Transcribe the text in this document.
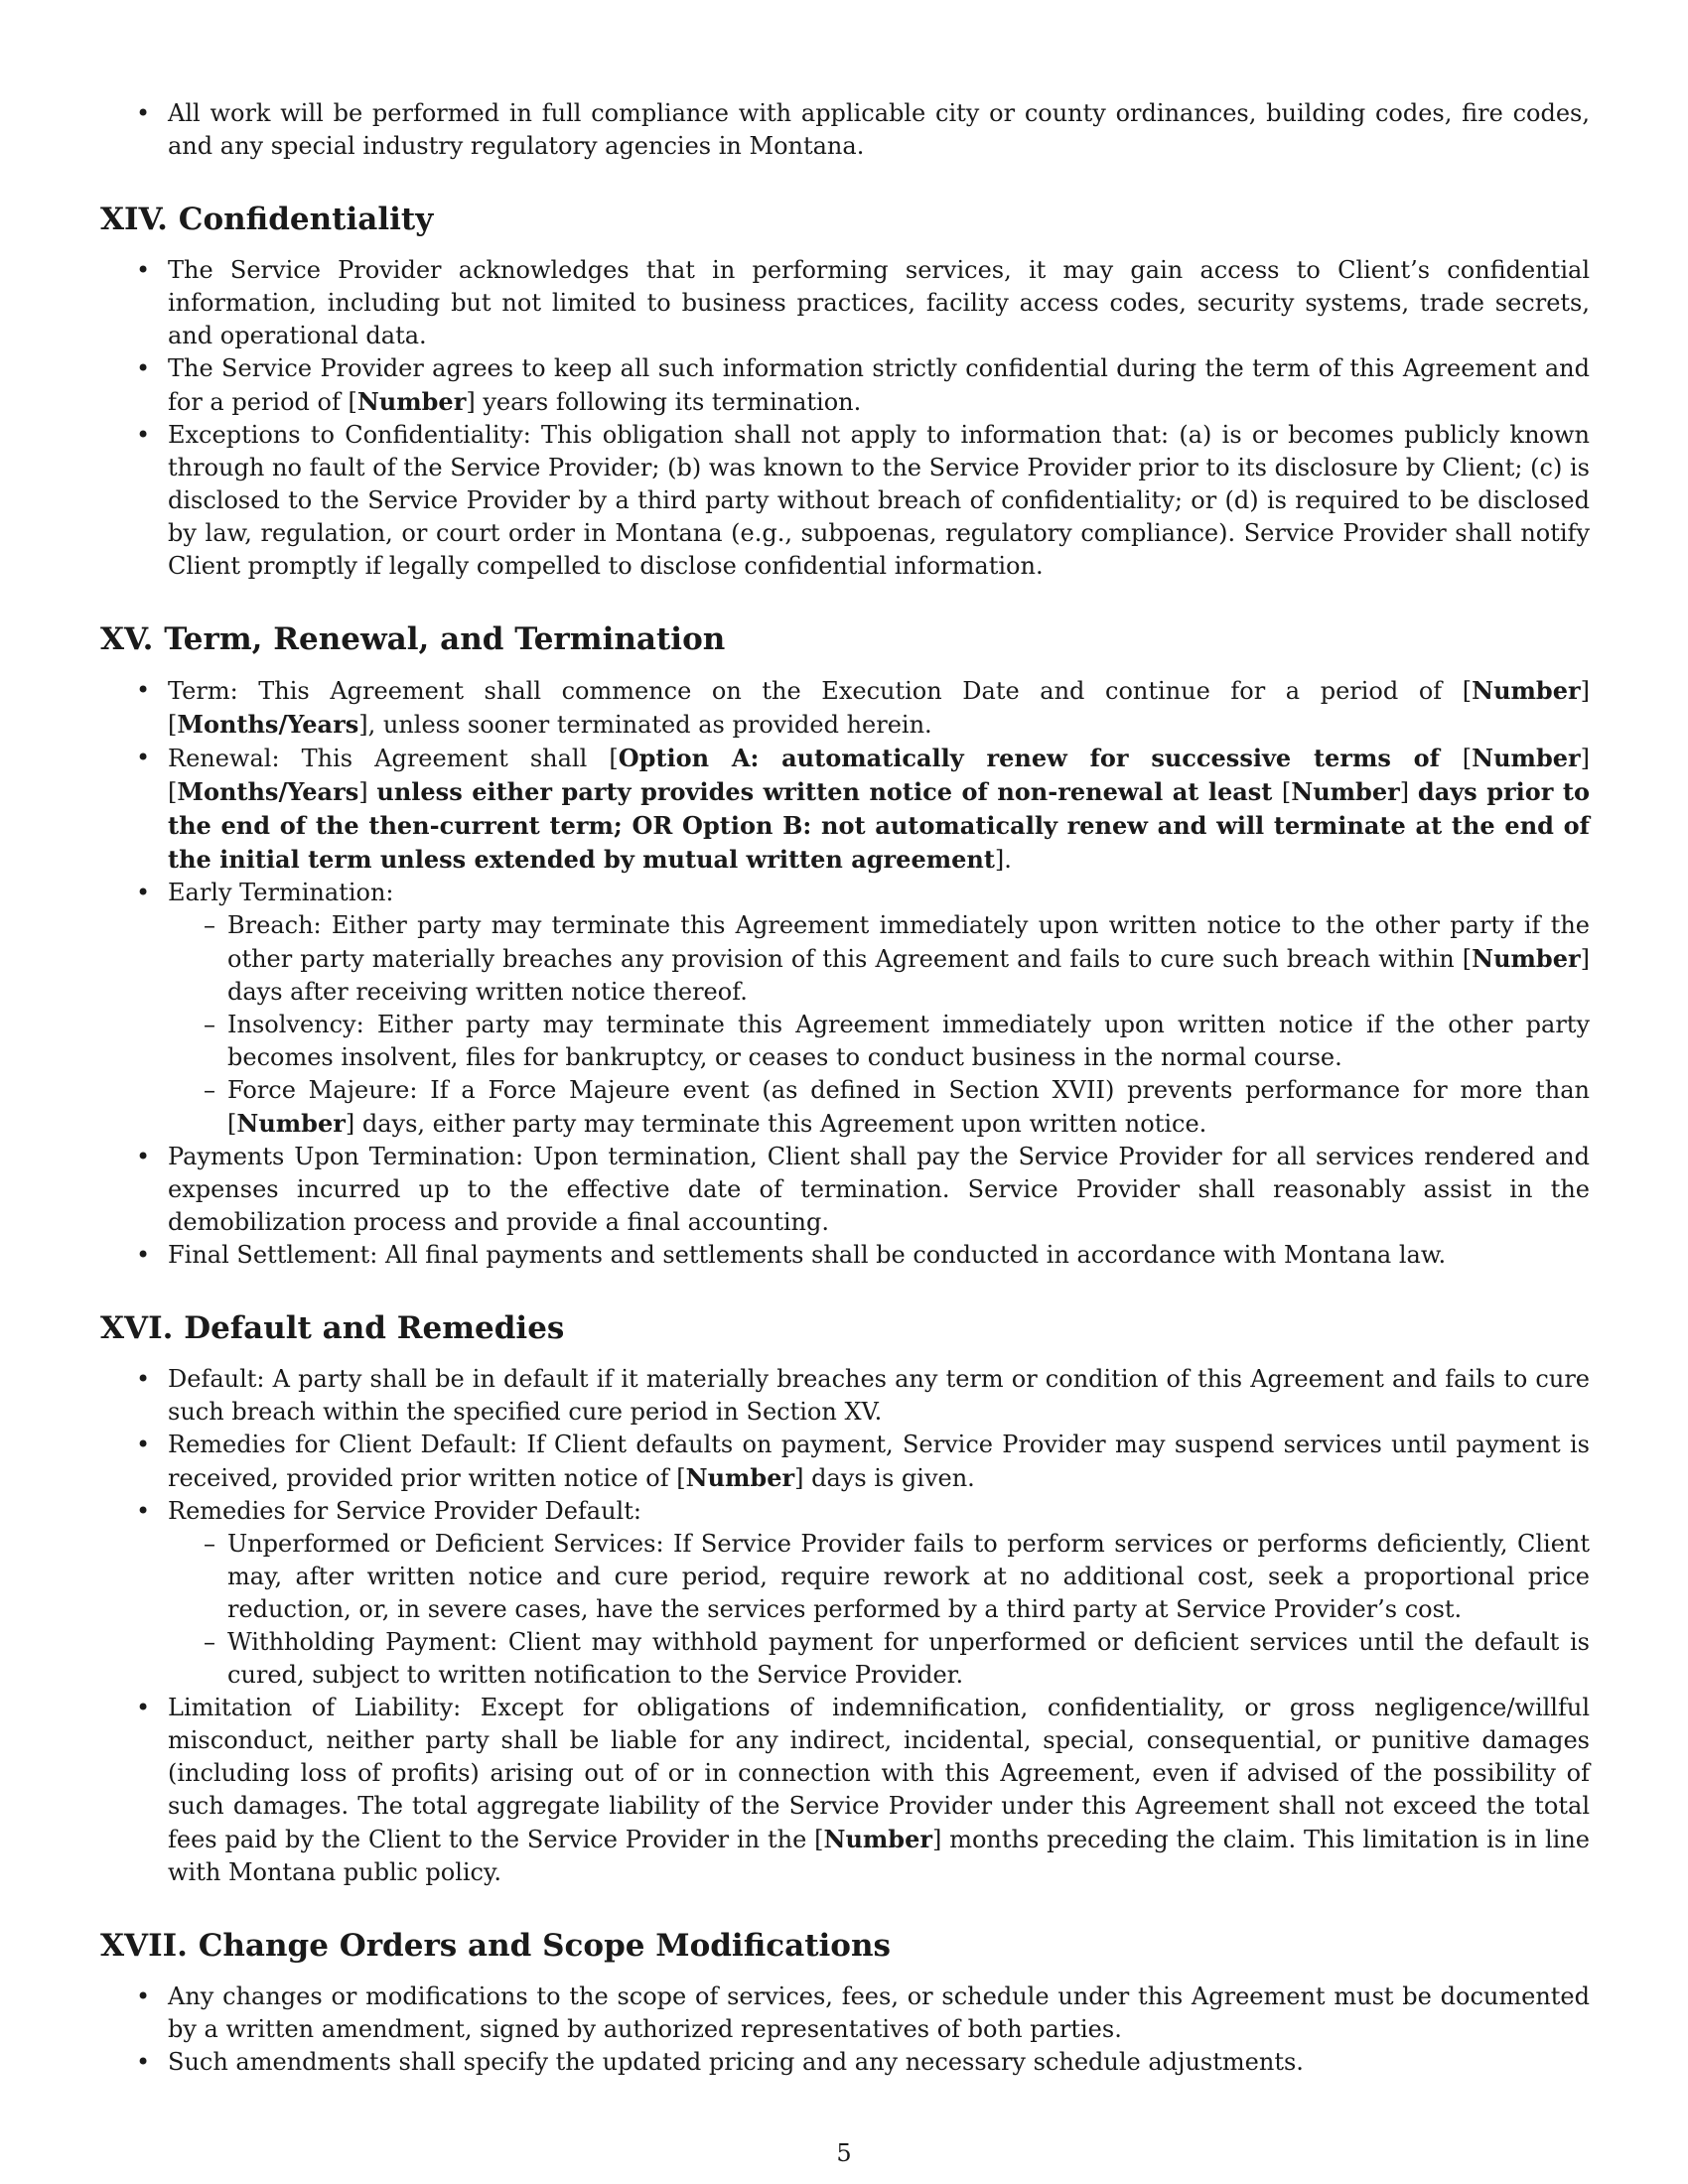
• All work will be performed in full compliance with applicable city or county ordinances, building codes, fire codes, and any special industry regulatory agencies in Montana.
XIV. Confidentiality
• The Service Provider acknowledges that in performing services, it may gain access to Client’s confidential information, including but not limited to business practices, facility access codes, security systems, trade secrets, and operational data.
• The Service Provider agrees to keep all such information strictly confidential during the term of this Agreement and for a period of [Number] years following its termination.
• Exceptions to Confidentiality: This obligation shall not apply to information that: (a) is or becomes publicly known through no fault of the Service Provider; (b) was known to the Service Provider prior to its disclosure by Client; (c) is disclosed to the Service Provider by a third party without breach of confidentiality; or (d) is required to be disclosed by law, regulation, or court order in Montana (e.g., subpoenas, regulatory compliance). Service Provider shall notify Client promptly if legally compelled to disclose confidential information.
XV. Term, Renewal, and Termination
• Term: This Agreement shall commence on the Execution Date and continue for a period of [Number] [Months/Years], unless sooner terminated as provided herein.
• Renewal: This Agreement shall [Option A: automatically renew for successive terms of [Number] [Months/Years] unless either party provides written notice of non-renewal at least [Number] days prior to the end of the then-current term; OR Option B: not automatically renew and will terminate at the end of the initial term unless extended by mutual written agreement].
• Early Termination:
– Breach: Either party may terminate this Agreement immediately upon written notice to the other party if the other party materially breaches any provision of this Agreement and fails to cure such breach within [Number] days after receiving written notice thereof.
– Insolvency: Either party may terminate this Agreement immediately upon written notice if the other party becomes insolvent, files for bankruptcy, or ceases to conduct business in the normal course.
– Force Majeure: If a Force Majeure event (as defined in Section XVII) prevents performance for more than [Number] days, either party may terminate this Agreement upon written notice.
• Payments Upon Termination: Upon termination, Client shall pay the Service Provider for all services rendered and expenses incurred up to the effective date of termination. Service Provider shall reasonably assist in the demobilization process and provide a final accounting.
• Final Settlement: All final payments and settlements shall be conducted in accordance with Montana law.
XVI. Default and Remedies
• Default: A party shall be in default if it materially breaches any term or condition of this Agreement and fails to cure such breach within the specified cure period in Section XV.
• Remedies for Client Default: If Client defaults on payment, Service Provider may suspend services until payment is received, provided prior written notice of [Number] days is given.
• Remedies for Service Provider Default:
– Unperformed or Deficient Services: If Service Provider fails to perform services or performs deficiently, Client may, after written notice and cure period, require rework at no additional cost, seek a proportional price reduction, or, in severe cases, have the services performed by a third party at Service Provider’s cost.
– Withholding Payment: Client may withhold payment for unperformed or deficient services until the default is cured, subject to written notification to the Service Provider.
• Limitation of Liability: Except for obligations of indemnification, confidentiality, or gross negligence/willful misconduct, neither party shall be liable for any indirect, incidental, special, consequential, or punitive damages (including loss of profits) arising out of or in connection with this Agreement, even if advised of the possibility of such damages. The total aggregate liability of the Service Provider under this Agreement shall not exceed the total fees paid by the Client to the Service Provider in the [Number] months preceding the claim. This limitation is in line with Montana public policy.
XVII. Change Orders and Scope Modifications
• Any changes or modifications to the scope of services, fees, or schedule under this Agreement must be documented by a written amendment, signed by authorized representatives of both parties.
• Such amendments shall specify the updated pricing and any necessary schedule adjustments.
5
